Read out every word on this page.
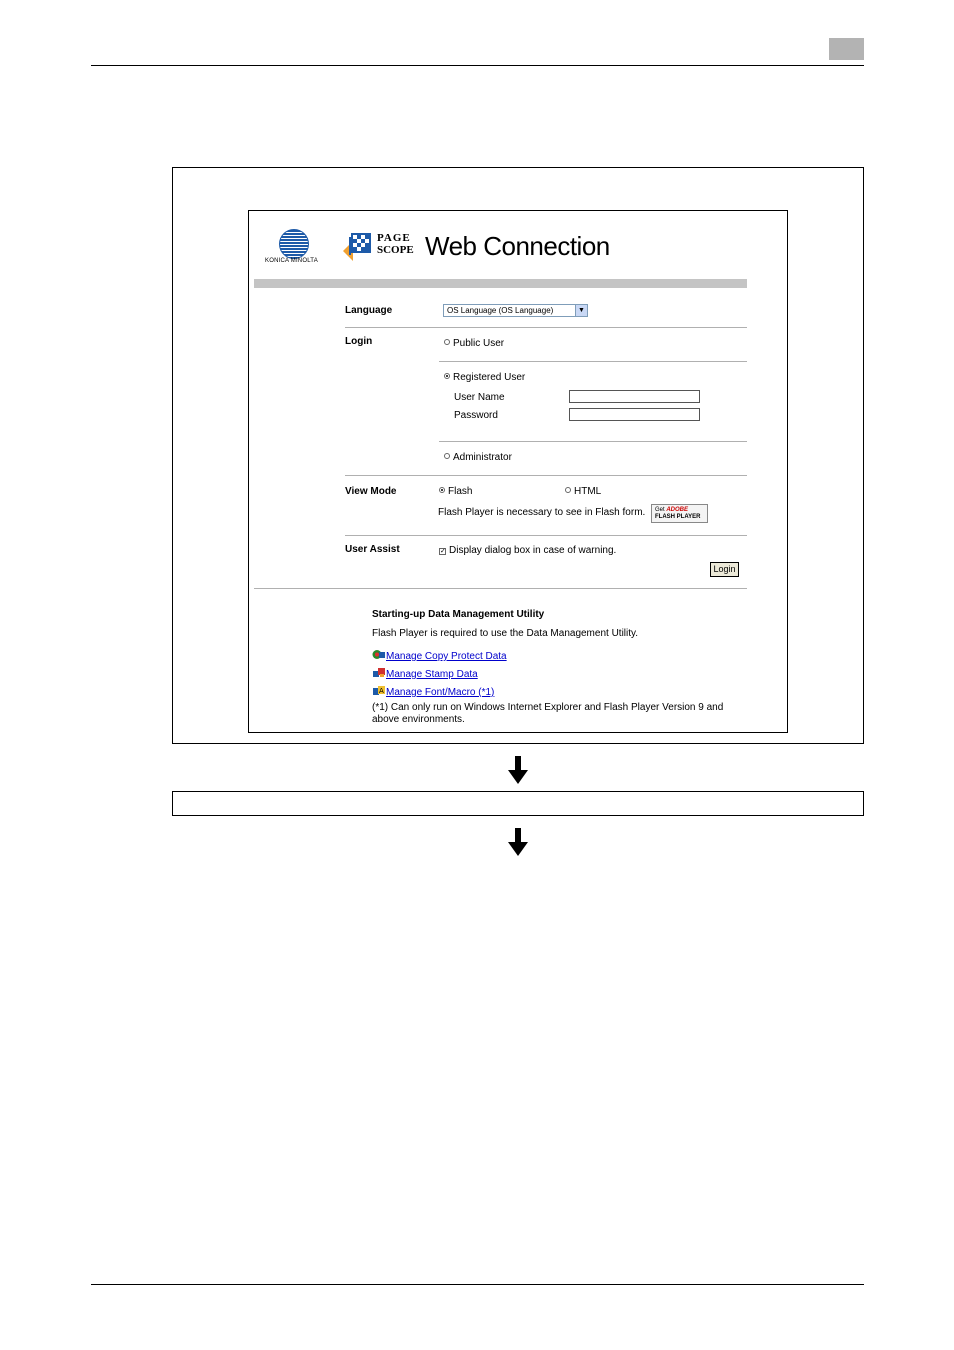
KONICA MINOLTA
PAGE
SCOPE Web Connection
Language	OS Language (OS Language)	▼
Login	Public User
Registered User
User Name
Password
Administrator
View Mode	Flash	HTML
Flash Player is necessary to see in Flash form. Get ADOBE
FLASH PLAYER
User Assist	✓ Display dialog box in case of warning.
Login
Starting-up Data Management Utility
Flash Player is required to use the Data Management Utility.
Manage Copy Protect Data
Manage Stamp Data
A Manage Font/Macro (*1)
(*1) Can only run on Windows Internet Explorer and Flash Player Version 9 and
above environments.
